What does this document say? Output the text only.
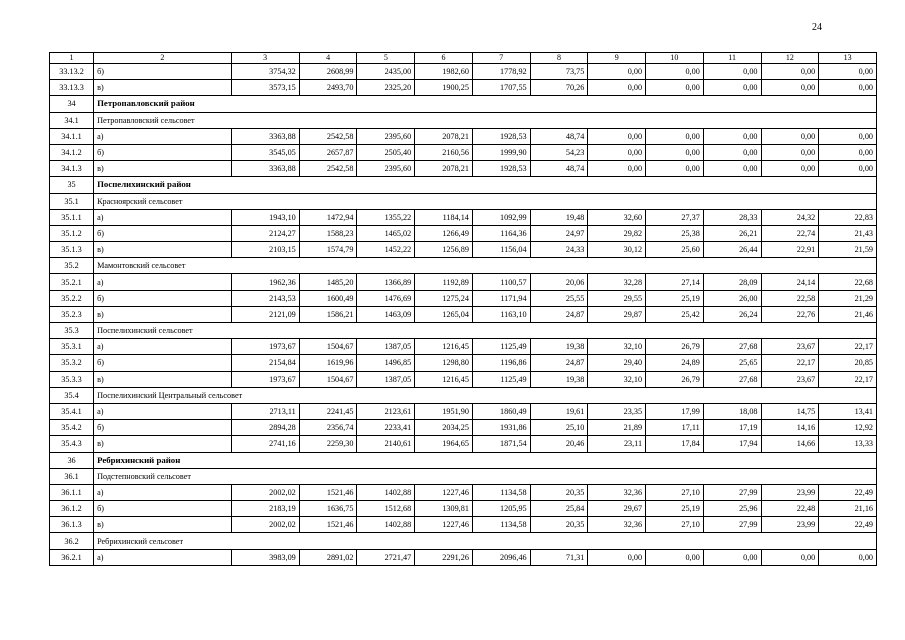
24
1	2	3	4	5	6	7	8	9	10	11	12	13
33.13.2	б)	3754,32	2608,99	2435,00	1982,60	1778,92	73,75	0,00	0,00	0,00	0,00	0,00
33.13.3	в)	3573,15	2493,70	2325,20	1900,25	1707,55	70,26	0,00	0,00	0,00	0,00	0,00
34	Петропавловский район											
34.1	Петропавловский сельсовет											
34.1.1	а)	3363,88	2542,58	2395,60	2078,21	1928,53	48,74	0,00	0,00	0,00	0,00	0,00
34.1.2	б)	3545,05	2657,87	2505,40	2160,56	1999,90	54,23	0,00	0,00	0,00	0,00	0,00
34.1.3	в)	3363,88	2542,58	2395,60	2078,21	1928,53	48,74	0,00	0,00	0,00	0,00	0,00
35	Поспелихинский район											
35.1	Красноярский сельсовет											
35.1.1	а)	1943,10	1472,94	1355,22	1184,14	1092,99	19,48	32,60	27,37	28,33	24,32	22,83
35.1.2	б)	2124,27	1588,23	1465,02	1266,49	1164,36	24,97	29,82	25,38	26,21	22,74	21,43
35.1.3	в)	2103,15	1574,79	1452,22	1256,89	1156,04	24,33	30,12	25,60	26,44	22,91	21,59
35.2	Мамонтовский сельсовет											
35.2.1	а)	1962,36	1485,20	1366,89	1192,89	1100,57	20,06	32,28	27,14	28,09	24,14	22,68
35.2.2	б)	2143,53	1600,49	1476,69	1275,24	1171,94	25,55	29,55	25,19	26,00	22,58	21,29
35.2.3	в)	2121,09	1586,21	1463,09	1265,04	1163,10	24,87	29,87	25,42	26,24	22,76	21,46
35.3	Поспелихинский сельсовет											
35.3.1	а)	1973,67	1504,67	1387,05	1216,45	1125,49	19,38	32,10	26,79	27,68	23,67	22,17
35.3.2	б)	2154,84	1619,96	1496,85	1298,80	1196,86	24,87	29,40	24,89	25,65	22,17	20,85
35.3.3	в)	1973,67	1504,67	1387,05	1216,45	1125,49	19,38	32,10	26,79	27,68	23,67	22,17
35.4	Поспелихинский Центральный сельсовет											
35.4.1	а)	2713,11	2241,45	2123,61	1951,90	1860,49	19,61	23,35	17,99	18,08	14,75	13,41
35.4.2	б)	2894,28	2356,74	2233,41	2034,25	1931,86	25,10	21,89	17,11	17,19	14,16	12,92
35.4.3	в)	2741,16	2259,30	2140,61	1964,65	1871,54	20,46	23,11	17,84	17,94	14,66	13,33
36	Ребрихинский район											
36.1	Подстепновский сельсовет											
36.1.1	а)	2002,02	1521,46	1402,88	1227,46	1134,58	20,35	32,36	27,10	27,99	23,99	22,49
36.1.2	б)	2183,19	1636,75	1512,68	1309,81	1205,95	25,84	29,67	25,19	25,96	22,48	21,16
36.1.3	в)	2002,02	1521,46	1402,88	1227,46	1134,58	20,35	32,36	27,10	27,99	23,99	22,49
36.2	Ребрихинский сельсовет											
36.2.1	а)	3983,09	2891,02	2721,47	2291,26	2096,46	71,31	0,00	0,00	0,00	0,00	0,00
